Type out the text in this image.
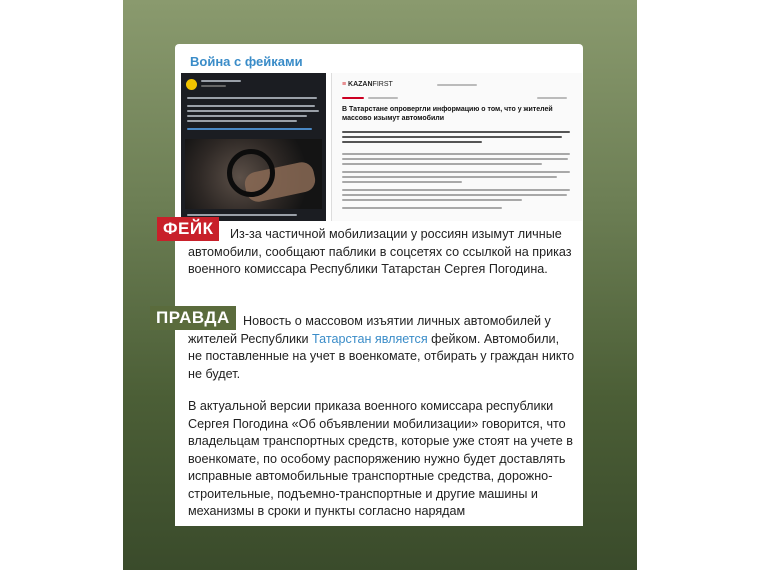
Война с фейками
≡ KAZANFIRST
В Татарстане опровергли информацию о том, что у жителей массово изымут автомобили
ФЕЙК
ПРАВДА
Из-за частичной мобилизации у россиян изымут личные автомобили, сообщают паблики в соцсетях со ссылкой на приказ военного комиссара Республики Татарстан Сергея Погодина.
Новость о массовом изъятии личных автомобилей у жителей Республики Татарстан является фейком. Автомобили, не поставленные на учет в военкомате, отбирать у граждан никто не будет.
В актуальной версии приказа военного комиссара республики Сергея Погодина «Об объявлении мобилизации» говорится, что владельцам транспортных средств, которые уже стоят на учете в военкомате, по особому распоряжению нужно будет доставлять исправные автомобильные транспортные средства, дорожно-строительные, подъемно-транспортные и другие машины и механизмы в сроки и пункты согласно нарядам
